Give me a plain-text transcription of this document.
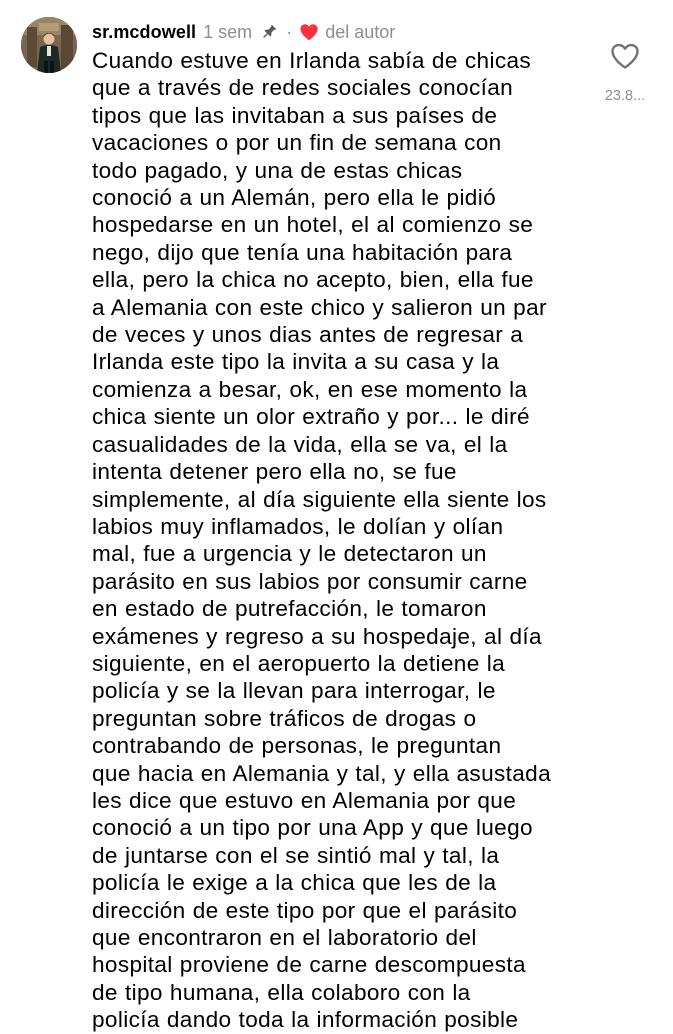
sr.mcdowell 1 sem · del autor
Cuando estuve en Irlanda sabía de chicas
que a través de redes sociales conocían
tipos que las invitaban a sus países de
vacaciones o por un fin de semana con
todo pagado, y una de estas chicas
conoció a un Alemán, pero ella le pidió
hospedarse en un hotel, el al comienzo se
nego, dijo que tenía una habitación para
ella, pero la chica no acepto, bien, ella fue
a Alemania con este chico y salieron un par
de veces y unos dias antes de regresar a
Irlanda este tipo la invita a su casa y la
comienza a besar, ok, en ese momento la
chica siente un olor extraño y por... le diré
casualidades de la vida, ella se va, el la
intenta detener pero ella no, se fue
simplemente, al día siguiente ella siente los
labios muy inflamados, le dolían y olían
mal, fue a urgencia y le detectaron un
parásito en sus labios por consumir carne
en estado de putrefacción, le tomaron
exámenes y regreso a su hospedaje, al día
siguiente, en el aeropuerto la detiene la
policía y se la llevan para interrogar, le
preguntan sobre tráficos de drogas o
contrabando de personas, le preguntan
que hacia en Alemania y tal, y ella asustada
les dice que estuvo en Alemania por que
conoció a un tipo por una App y que luego
de juntarse con el se sintió mal y tal, la
policía le exige a la chica que les de la
dirección de este tipo por que el parásito
que encontraron en el laboratorio del
hospital proviene de carne descompuesta
de tipo humana, ella colaboro con la
policía dando toda la información posible
23.8...
